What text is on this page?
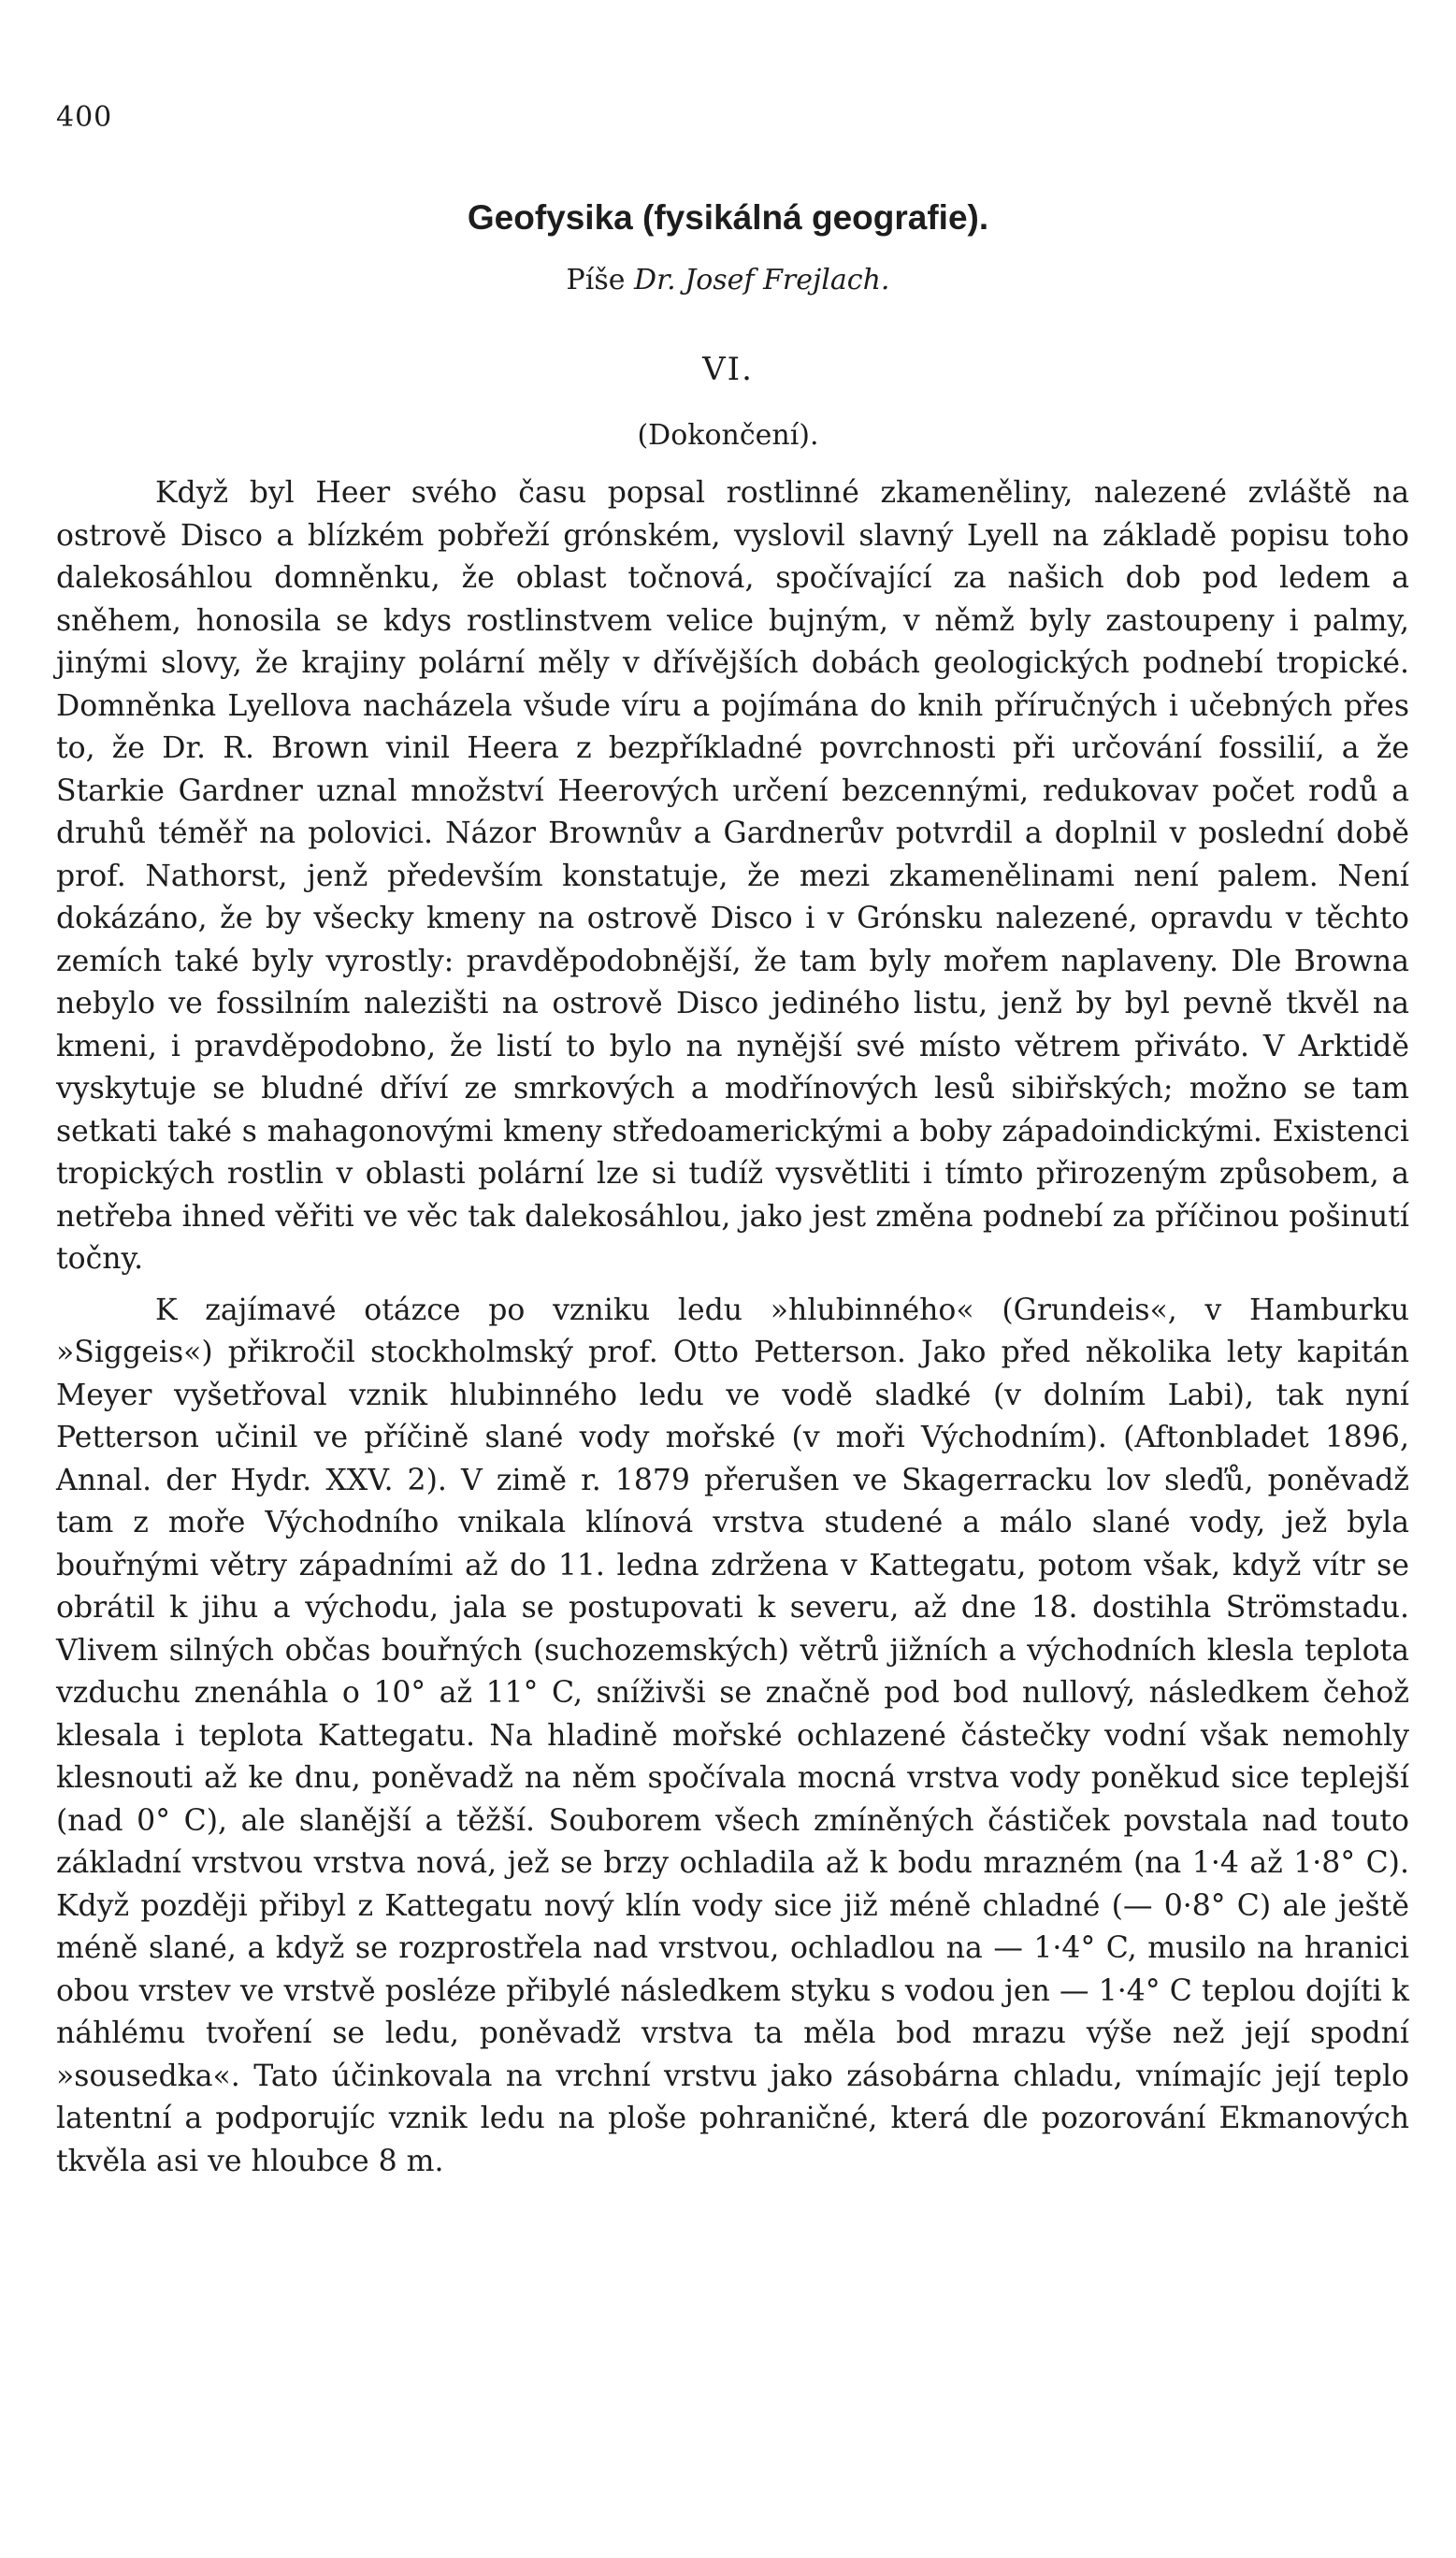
400
Geofysika (fysikálná geografie).
Píše Dr. Josef Frejlach.
VI.
(Dokončení).

Když byl Heer svého času popsal rostlinné zkameněliny, nalezené zvláště na ostrově Disco a blízkém pobřeží grónském, vyslovil slavný Lyell na základě popisu toho dalekosáhlou domněnku, že oblast točnová, spočívající za našich dob pod ledem a sněhem, honosila se kdys rostlinstvem velice bujným, v němž byly zastoupeny i palmy, jinými slovy, že krajiny polární měly v dřívějších dobách geologických podnebí tropické. Domněnka Lyellova nacházela všude víru a pojímána do knih příručných i učebných přes to, že Dr. R. Brown vinil Heera z bezpříkladné povrchnosti při určování fossilií, a že Starkie Gardner uznal množství Heerových určení bezcennými, redukovav počet rodů a druhů téměř na polovici. Názor Brownův a Gardnerův potvrdil a doplnil v poslední době prof. Nathorst, jenž především konstatuje, že mezi zkamenělinami není palem. Není dokázáno, že by všecky kmeny na ostrově Disco i v Grónsku nalezené, opravdu v těchto zemích také byly vyrostly: pravděpodobnější, že tam byly mořem naplaveny. Dle Browna nebylo ve fossilním nalezišti na ostrově Disco jediného listu, jenž by byl pevně tkvěl na kmeni, i pravděpodobno, že listí to bylo na nynější své místo větrem přiváto. V Arktidě vyskytuje se bludné dříví ze smrkových a modřínových lesů sibiřských; možno se tam setkati také s mahagonovými kmeny středoamerickými a boby západoindickými. Existenci tropických rostlin v oblasti polární lze si tudíž vysvětliti i tímto přirozeným způsobem, a netřeba ihned věřiti ve věc tak dalekosáhlou, jako jest změna podnebí za příčinou pošinutí točny.

K zajímavé otázce po vzniku ledu »hlubinného« (Grundeis«, v Hamburku »Siggeis«) přikročil stockholmský prof. Otto Petterson. Jako před několika lety kapitán Meyer vyšetřoval vznik hlubinného ledu ve vodě sladké (v dolním Labi), tak nyní Petterson učinil ve příčině slané vody mořské (v moři Východním). (Aftonbladet 1896, Annal. der Hydr. XXV. 2). V zimě r. 1879 přerušen ve Skagerracku lov sleďů, poněvadž tam z moře Východního vnikala klínová vrstva studené a málo slané vody, jež byla bouřnými větry západními až do 11. ledna zdržena v Kattegatu, potom však, když vítr se obrátil k jihu a východu, jala se postupovati k severu, až dne 18. dostihla Strömstadu. Vlivem silných občas bouřných (suchozemských) větrů jižních a východních klesla teplota vzduchu znenáhla o 10° až 11° C, sníživši se značně pod bod nullový, následkem čehož klesala i teplota Kattegatu. Na hladině mořské ochlazené částečky vodní však nemohly klesnouti až ke dnu, poněvadž na něm spočívala mocná vrstva vody poněkud sice teplejší (nad 0° C), ale slanější a těžší. Souborem všech zmíněných částiček povstala nad touto základní vrstvou vrstva nová, jež se brzy ochladila až k bodu mrazném (na 1·4 až 1·8° C). Když později přibyl z Kattegatu nový klín vody sice již méně chladné (— 0·8° C) ale ještě méně slané, a když se rozprostřela nad vrstvou, ochladlou na — 1·4° C, musilo na hranici obou vrstev ve vrstvě posléze přibylé následkem styku s vodou jen — 1·4° C teplou dojíti k náhlému tvoření se ledu, poněvadž vrstva ta měla bod mrazu výše než její spodní »sousedka«. Tato účinkovala na vrchní vrstvu jako zásobárna chladu, vnímajíc její teplo latentní a podporujíc vznik ledu na ploše pohraničné, která dle pozorování Ekmanových tkvěla asi ve hloubce 8 m.
